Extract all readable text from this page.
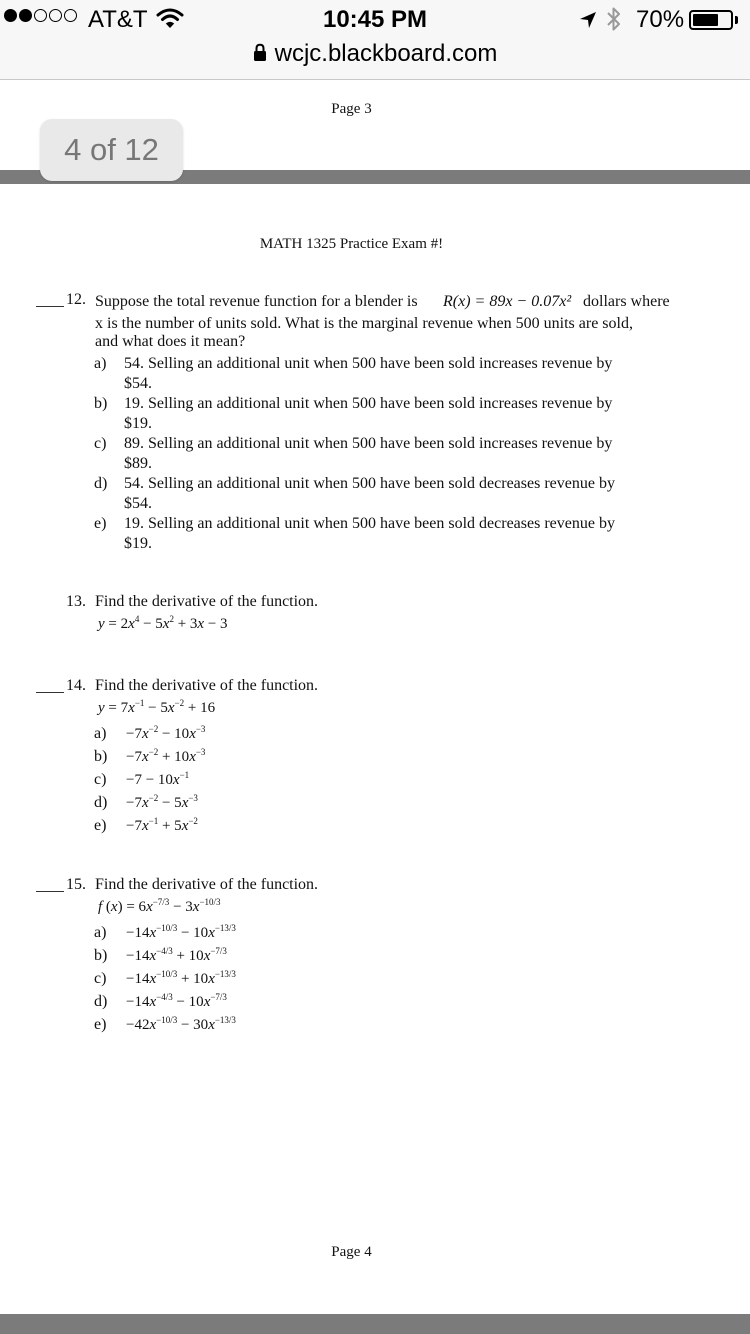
AT&T	10:45 PM	70%
wcjc.blackboard.com
Page 3
4 of 12
MATH 1325 Practice Exam #!
12. Suppose the total revenue function for a blender is R(x) = 89x − 0.07x² dollars where
x is the number of units sold. What is the marginal revenue when 500 units are sold,
and what does it mean?
a) 54. Selling an additional unit when 500 have been sold increases revenue by
$54.
b) 19. Selling an additional unit when 500 have been sold increases revenue by
$19.
c) 89. Selling an additional unit when 500 have been sold increases revenue by
$89.
d) 54. Selling an additional unit when 500 have been sold decreases revenue by
$54.
e) 19. Selling an additional unit when 500 have been sold decreases revenue by
$19.
13. Find the derivative of the function.
$y = 2x^4 - 5x^2 + 3x - 3$
14. Find the derivative of the function.
$y = 7x^{-1} - 5x^{-2} + 16$
$a) -7x^{-2} - 10x^{-3}$
$b) -7x^{-2} + 10x^{-3}$
$c) -7 - 10x^{-1}$
$d) -7x^{-2} - 5x^{-3}$
$e) -7x^{-1} + 5x^{-2}$
15. Find the derivative of the function.
f $(x) = 6x^{-7/3} - 3x^{-10/3}$
$a) -14x^{-10/3} - 10x^{-13/3}$
$b) -14x^{-4/3} + 10x^{-7/3}$
$c) -14x^{-10/3} + 10x^{-13/3}$
$d) -14x^{-4/3} - 10x^{-7/3}$
$e) -42x^{-10/3} - 30x^{-13/3}$
Page 4
